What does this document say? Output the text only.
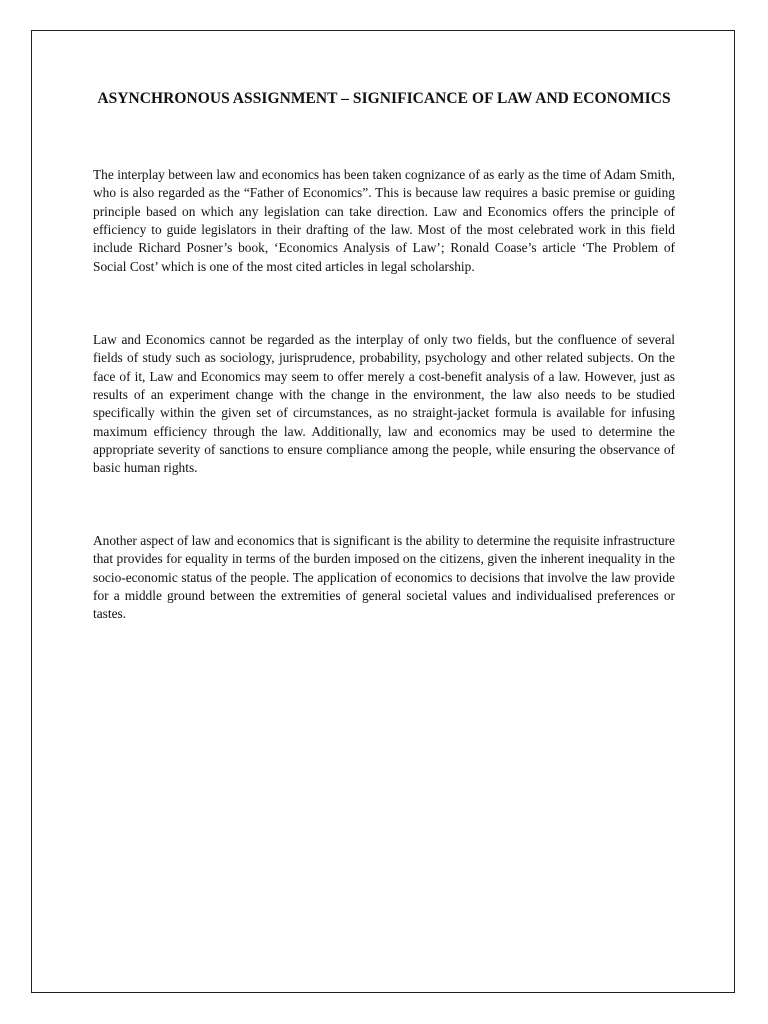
ASYNCHRONOUS ASSIGNMENT – SIGNIFICANCE OF LAW AND ECONOMICS

The interplay between law and economics has been taken cognizance of as early as the time of Adam Smith, who is also regarded as the “Father of Economics”. This is because law requires a basic premise or guiding principle based on which any legislation can take direction. Law and Economics offers the principle of efficiency to guide legislators in their drafting of the law. Most of the most celebrated work in this field include Richard Posner’s book, ‘Economics Analysis of Law’; Ronald Coase’s article ‘The Problem of Social Cost’ which is one of the most cited articles in legal scholarship.

Law and Economics cannot be regarded as the interplay of only two fields, but the confluence of several fields of study such as sociology, jurisprudence, probability, psychology and other related subjects. On the face of it, Law and Economics may seem to offer merely a cost-benefit analysis of a law. However, just as results of an experiment change with the change in the environment, the law also needs to be studied specifically within the given set of circumstances, as no straight-jacket formula is available for infusing maximum efficiency through the law. Additionally, law and economics may be used to determine the appropriate severity of sanctions to ensure compliance among the people, while ensuring the observance of basic human rights.

Another aspect of law and economics that is significant is the ability to determine the requisite infrastructure that provides for equality in terms of the burden imposed on the citizens, given the inherent inequality in the socio-economic status of the people. The application of economics to decisions that involve the law provide for a middle ground between the extremities of general societal values and individualised preferences or tastes.
